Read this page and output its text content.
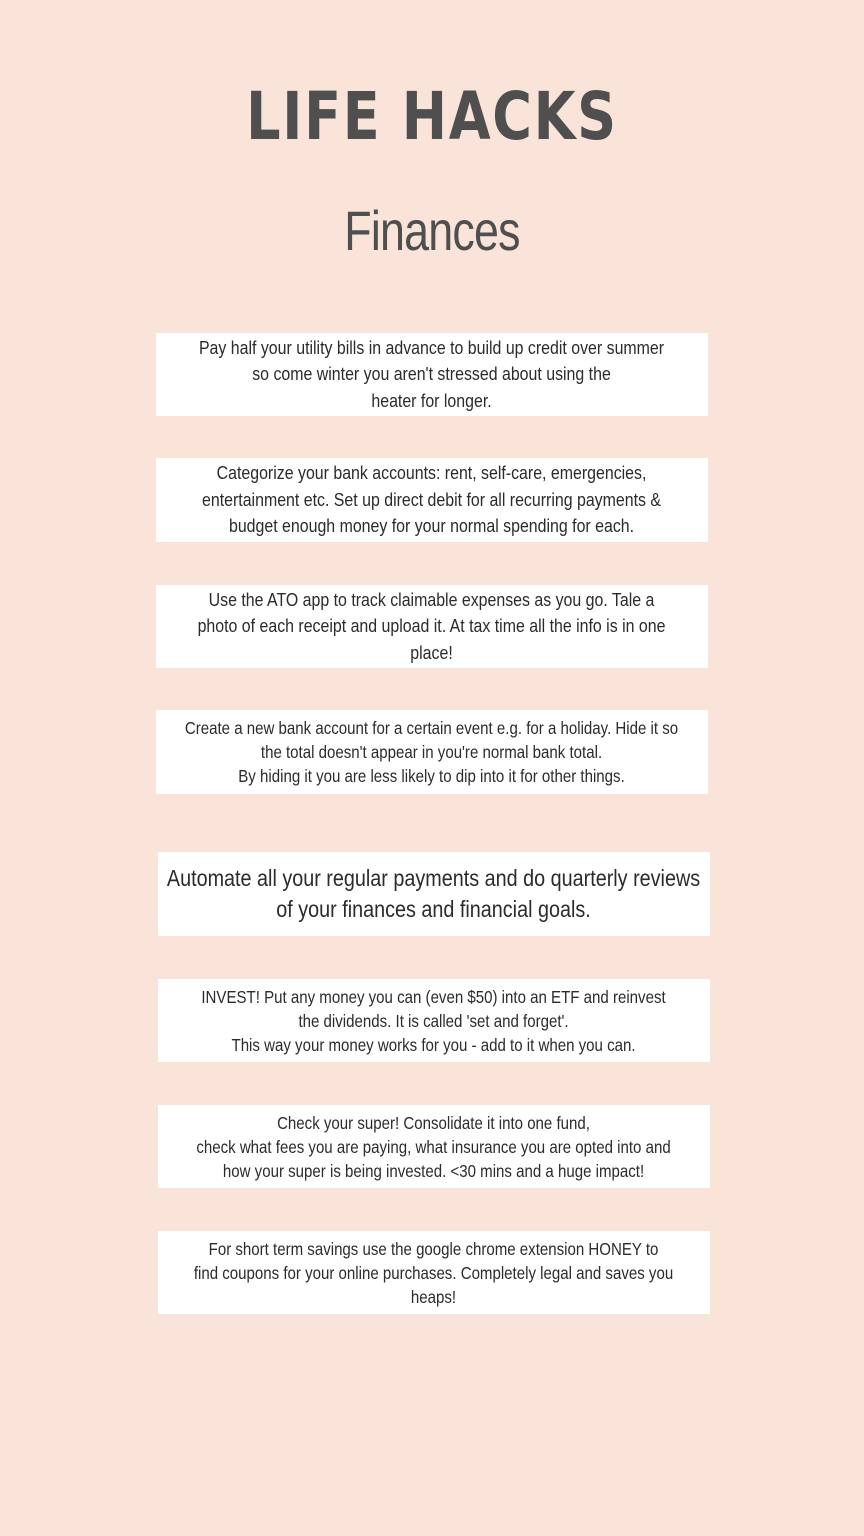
LIFE HACKS
Finances

Pay half your utility bills in advance to build up credit over summer
so come winter you aren't stressed about using the
heater for longer.

Categorize your bank accounts: rent, self-care, emergencies,
entertainment etc. Set up direct debit for all recurring payments &
budget enough money for your normal spending for each.

Use the ATO app to track claimable expenses as you go. Tale a
photo of each receipt and upload it. At tax time all the info is in one
place!

Create a new bank account for a certain event e.g. for a holiday. Hide it so
the total doesn't appear in you're normal bank total.
By hiding it you are less likely to dip into it for other things.

Automate all your regular payments and do quarterly reviews
of your finances and financial goals.

INVEST! Put any money you can (even $50) into an ETF and reinvest
the dividends. It is called 'set and forget'.
This way your money works for you - add to it when you can.

Check your super! Consolidate it into one fund,
check what fees you are paying, what insurance you are opted into and
how your super is being invested. <30 mins and a huge impact!

For short term savings use the google chrome extension HONEY to
find coupons for your online purchases. Completely legal and saves you
heaps!
